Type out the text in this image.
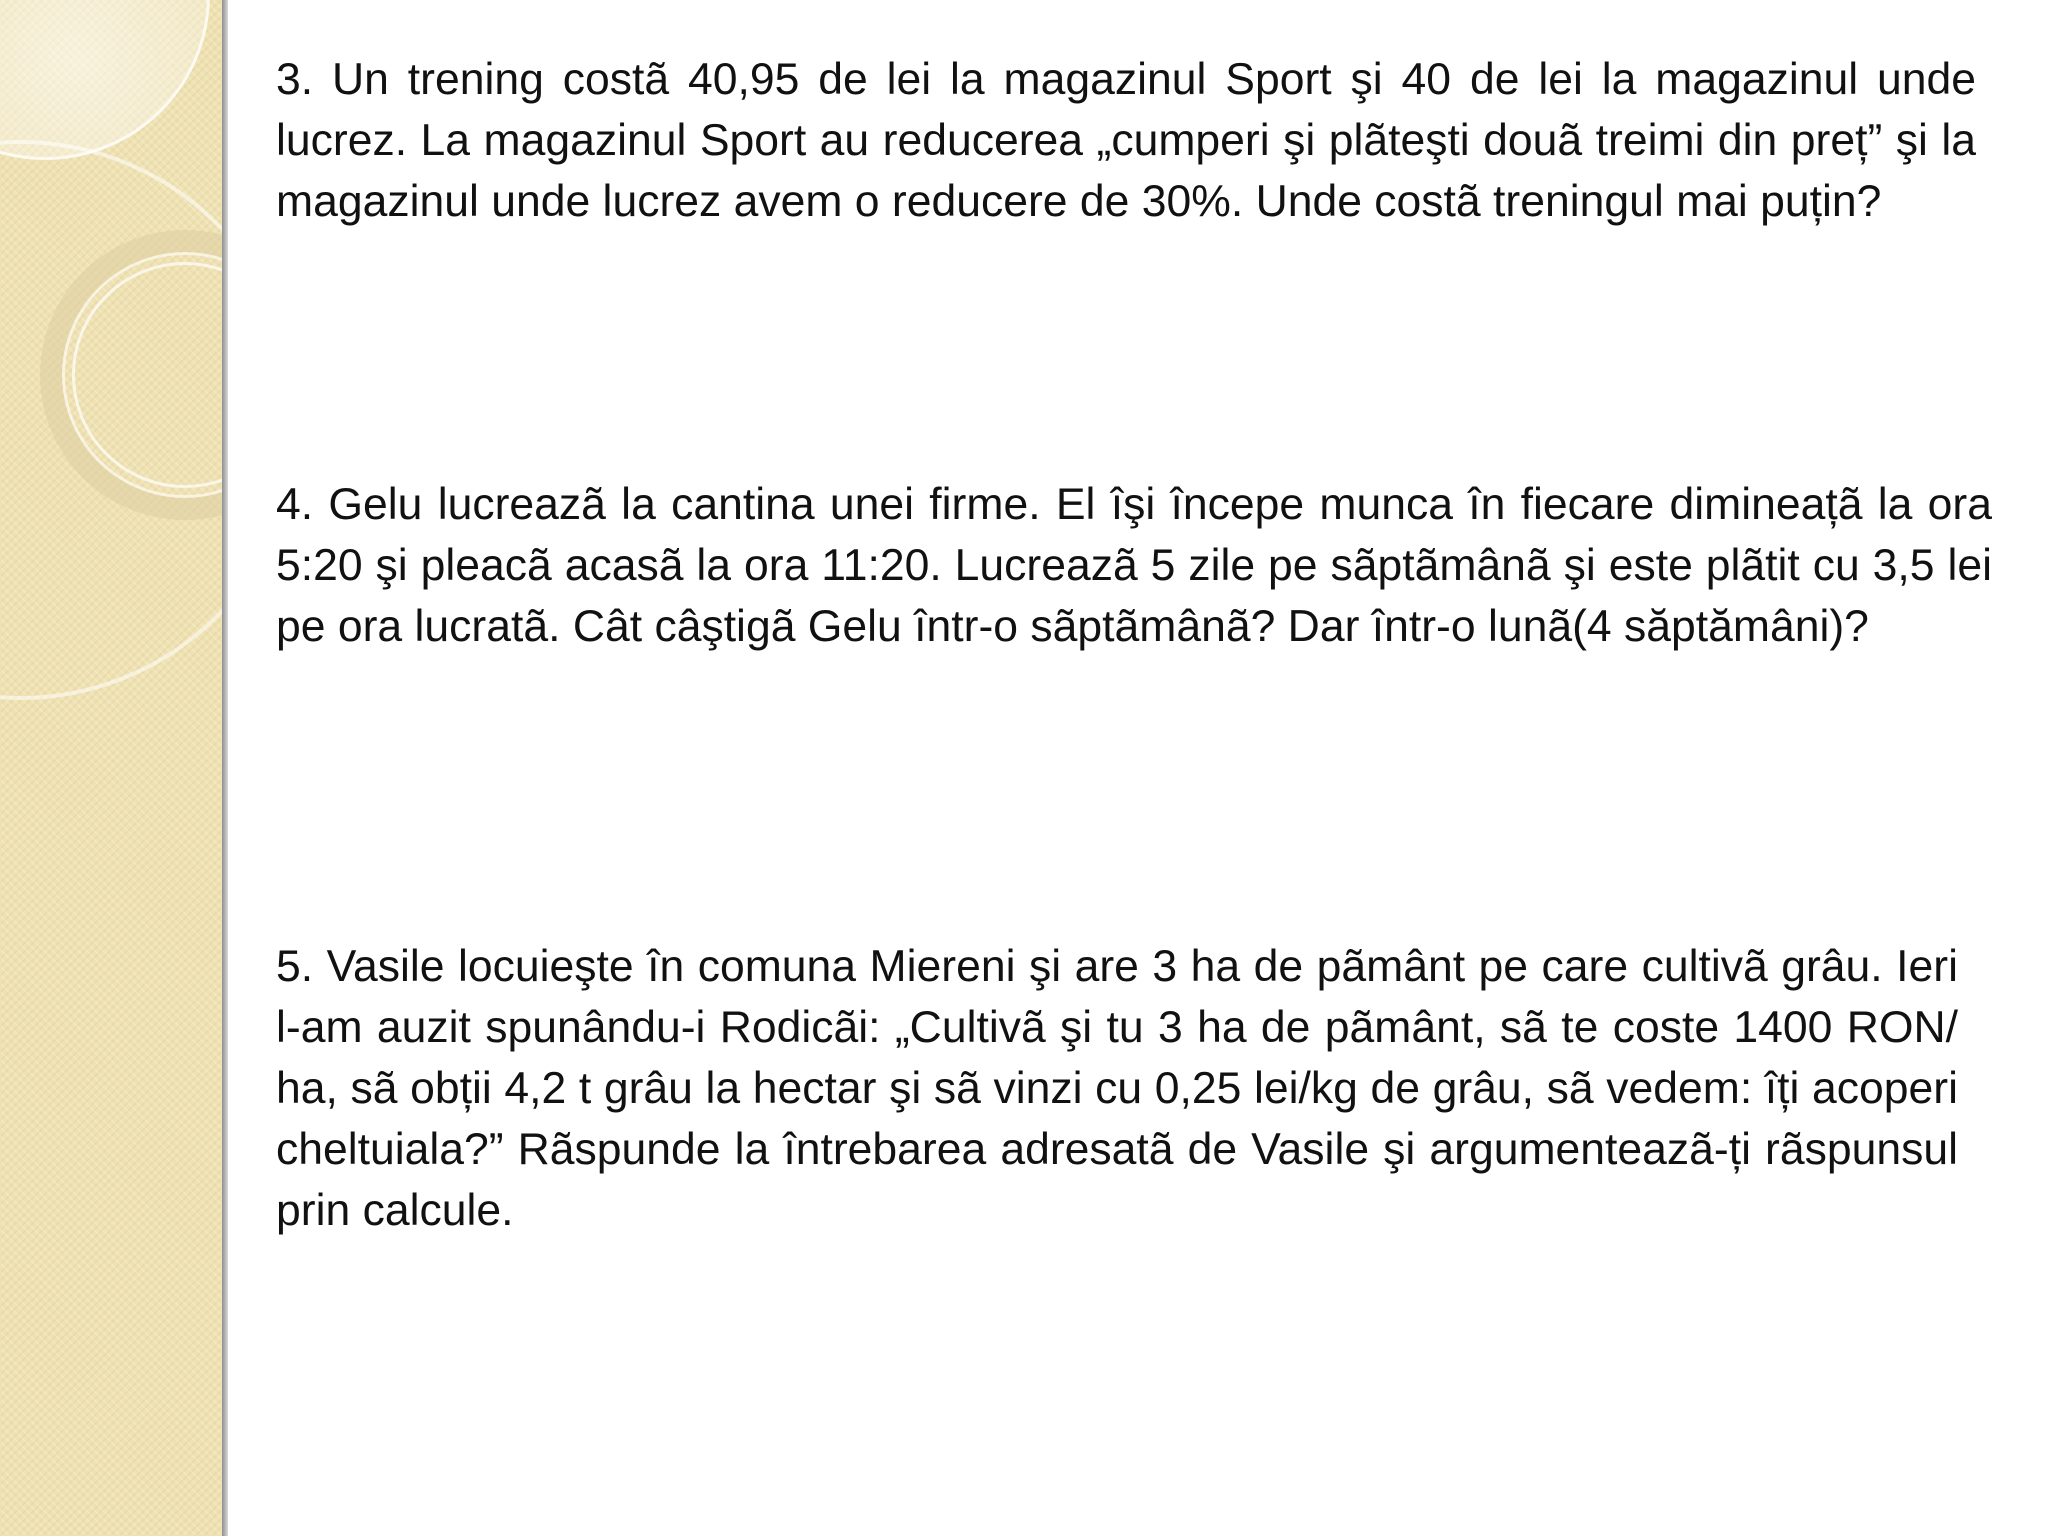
3. Un trening costã 40,95 de lei la magazinul Sport şi 40 de lei la magazinul unde lucrez. La magazinul Sport au reducerea „cumperi şi plãteşti douã treimi din preț” şi la magazinul unde lucrez avem o reducere de 30%. Unde costã treningul mai puțin?

4. Gelu lucreazã la cantina unei firme. El îşi începe munca în fiecare dimineațã la ora 5:20 şi pleacã acasã la ora 11:20. Lucreazã 5 zile pe sãptãmânã şi este plãtit cu 3,5 lei pe ora lucratã. Cât câştigã Gelu într-o sãptãmânã? Dar într-o lunã(4 săptămâni)?

5. Vasile locuieşte în comuna Miereni şi are 3 ha de pãmânt pe care cultivã grâu. Ieri l-am auzit spunându-i Rodicãi: „Cultivã şi tu 3 ha de pãmânt, sã te coste 1400 RON/ ha, sã obții 4,2 t grâu la hectar şi sã vinzi cu 0,25 lei/kg de grâu, sã vedem: îți acoperi cheltuiala?” Rãspunde la întrebarea adresatã de Vasile şi argumenteazã-ți rãspunsul prin calcule.
